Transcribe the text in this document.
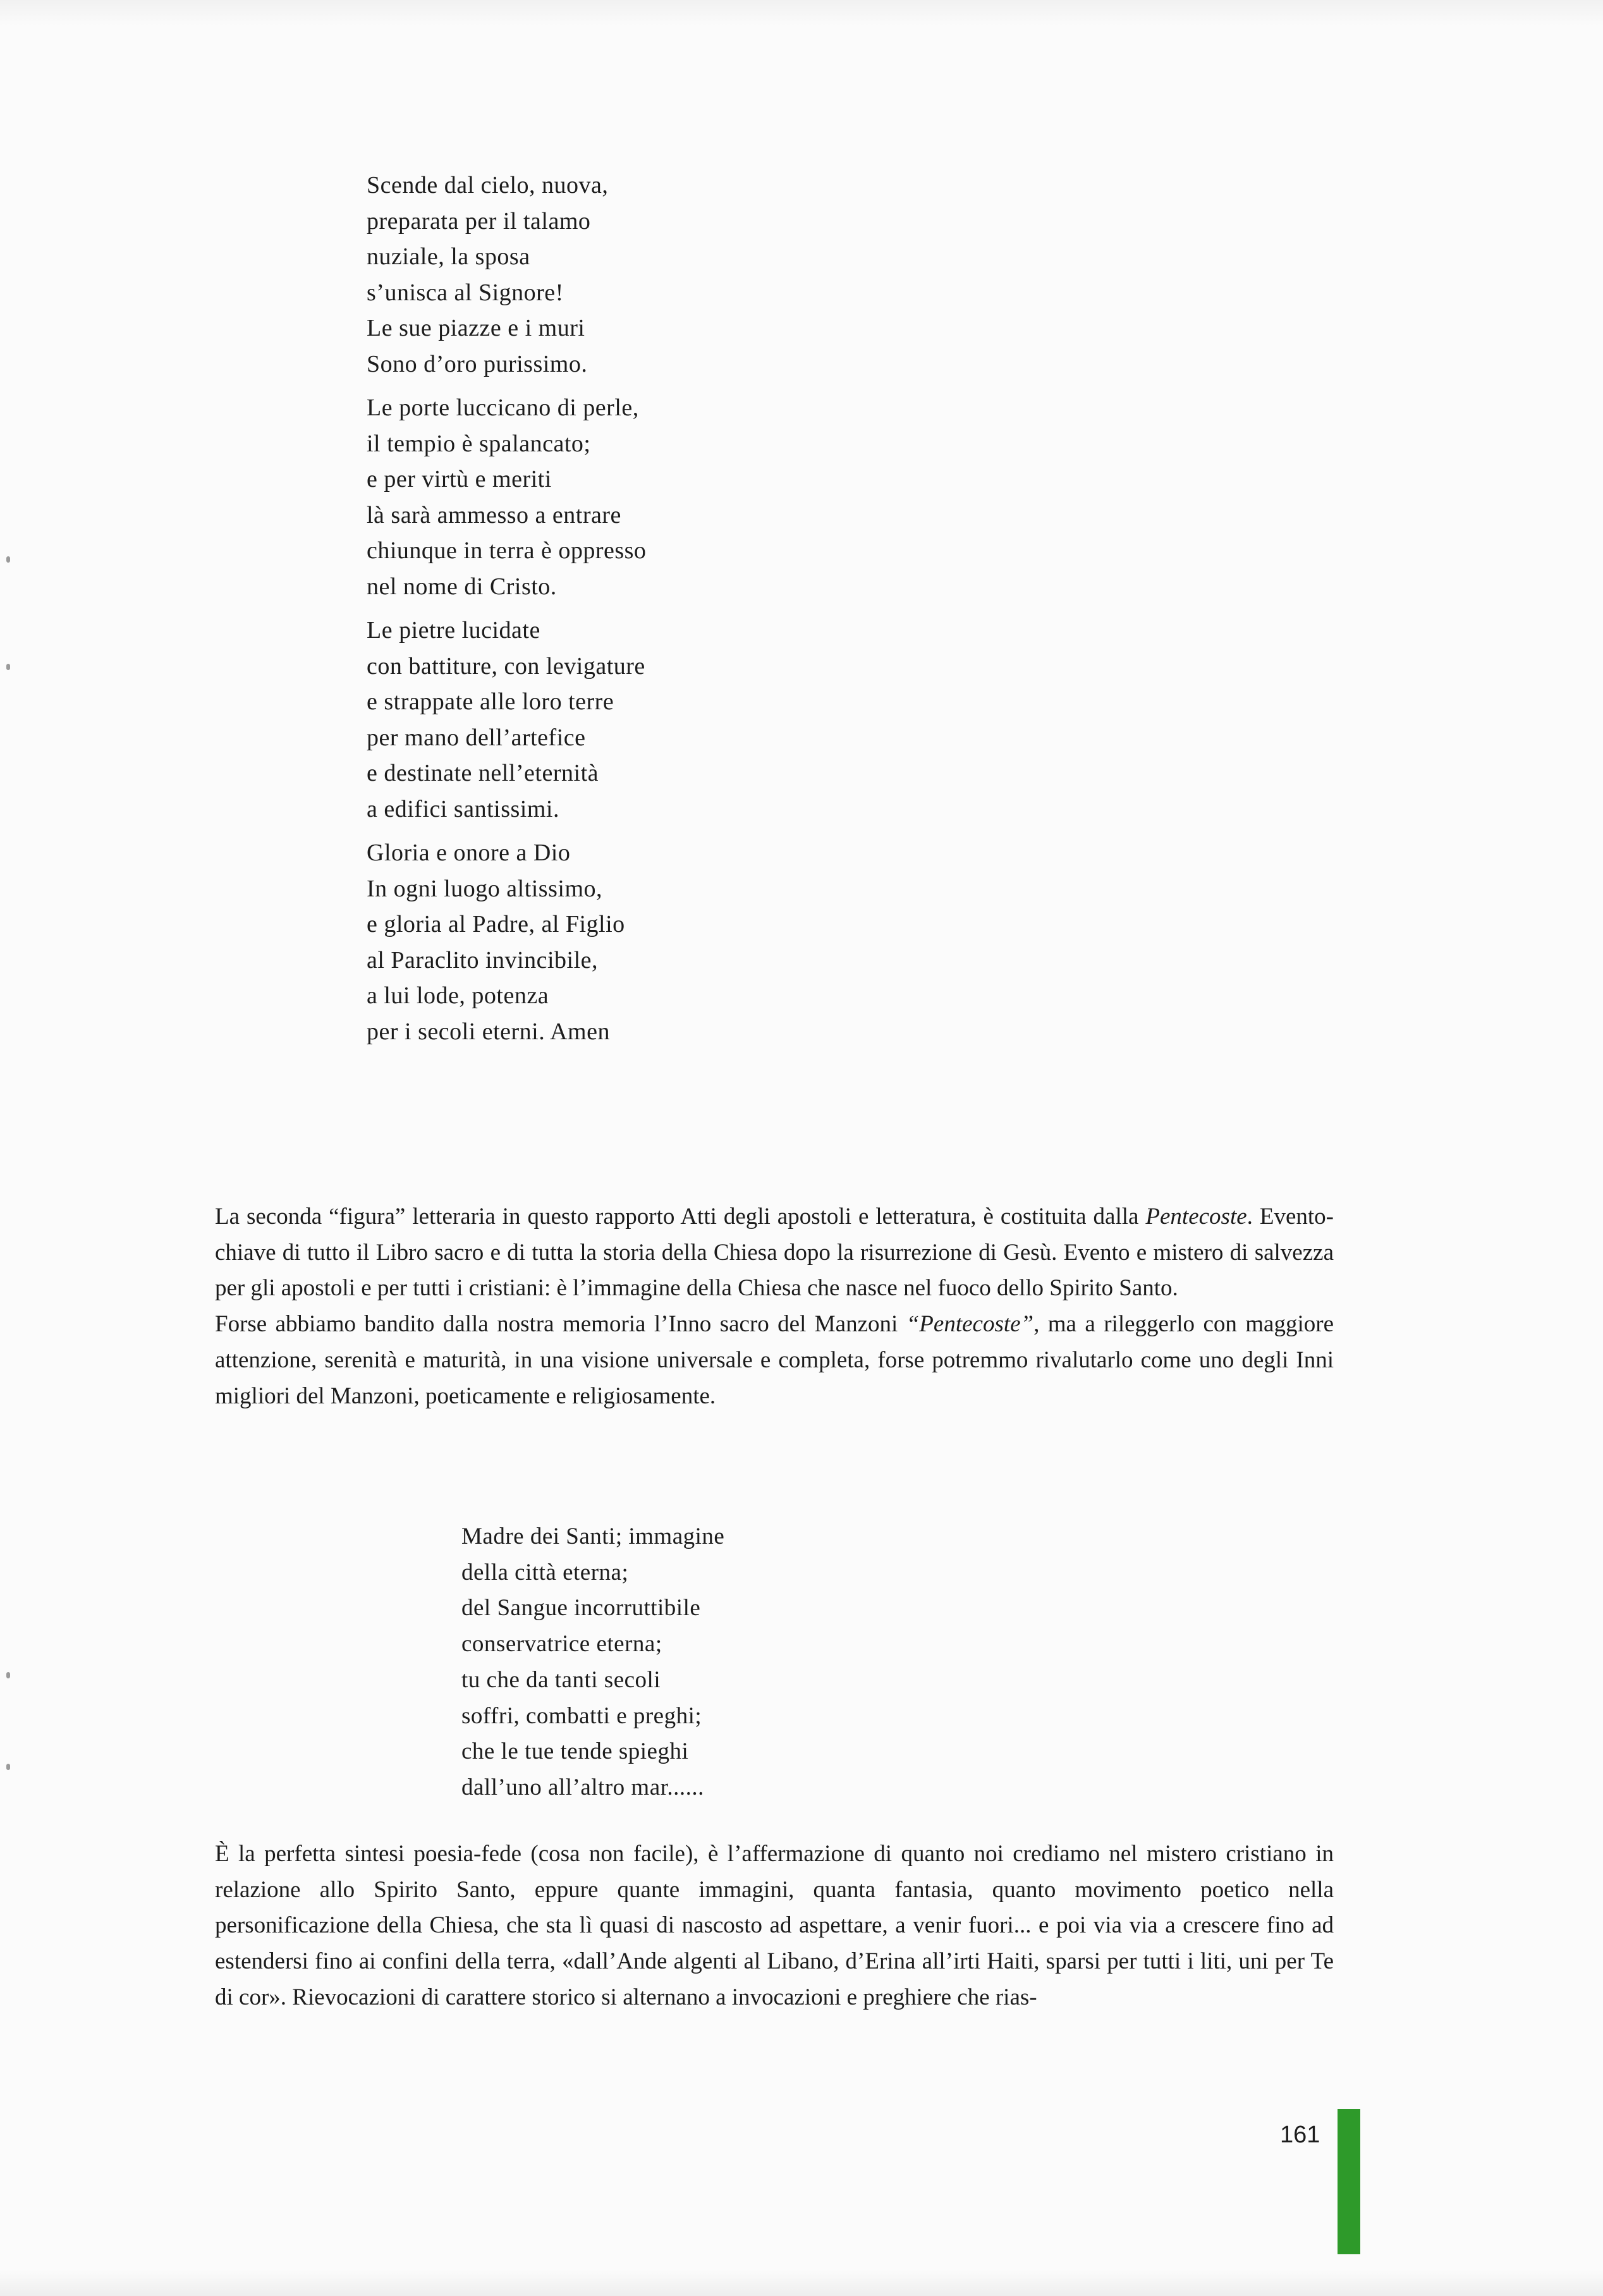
Scende dal cielo, nuova,
preparata per il talamo
nuziale, la sposa
s’unisca al Signore!
Le sue piazze e i muri
Sono d’oro purissimo.
Le porte luccicano di perle,
il tempio è spalancato;
e per virtù e meriti
là sarà ammesso a entrare
chiunque in terra è oppresso
nel nome di Cristo.
Le pietre lucidate
con battiture, con levigature
e strappate alle loro terre
per mano dell’artefice
e destinate nell’eternità
a edifici santissimi.
Gloria e onore a Dio
In ogni luogo altissimo,
e gloria al Padre, al Figlio
al Paraclito invincibile,
a lui lode, potenza
per i secoli eterni. Amen

La seconda “figura” letteraria in questo rapporto Atti degli apostoli e letteratura, è costituita dalla Pentecoste. Evento-chiave di tutto il Libro sacro e di tutta la storia della Chiesa dopo la risurrezione di Gesù. Evento e mistero di salvezza per gli apostoli e per tutti i cristiani: è l’immagine della Chiesa che nasce nel fuoco dello Spirito Santo.

Forse abbiamo bandito dalla nostra memoria l’Inno sacro del Manzoni “Pentecoste”, ma a rileggerlo con maggiore attenzione, serenità e maturità, in una visione universale e completa, forse potremmo rivalutarlo come uno degli Inni migliori del Manzoni, poeticamente e religiosamente.

Madre dei Santi; immagine
della città eterna;
del Sangue incorruttibile
conservatrice eterna;
tu che da tanti secoli
soffri, combatti e preghi;
che le tue tende spieghi
dall’uno all’altro mar......

È la perfetta sintesi poesia-fede (cosa non facile), è l’affermazione di quanto noi crediamo nel mistero cristiano in relazione allo Spirito Santo, eppure quante immagini, quanta fantasia, quanto movimento poetico nella personificazione della Chiesa, che sta lì quasi di nascosto ad aspettare, a venir fuori... e poi via via a crescere fino ad estendersi fino ai confini della terra, «dall’Ande algenti al Libano, d’Erina all’irti Haiti, sparsi per tutti i liti, uni per Te di cor». Rievocazioni di carattere storico si alternano a invocazioni e preghiere che rias-

161
